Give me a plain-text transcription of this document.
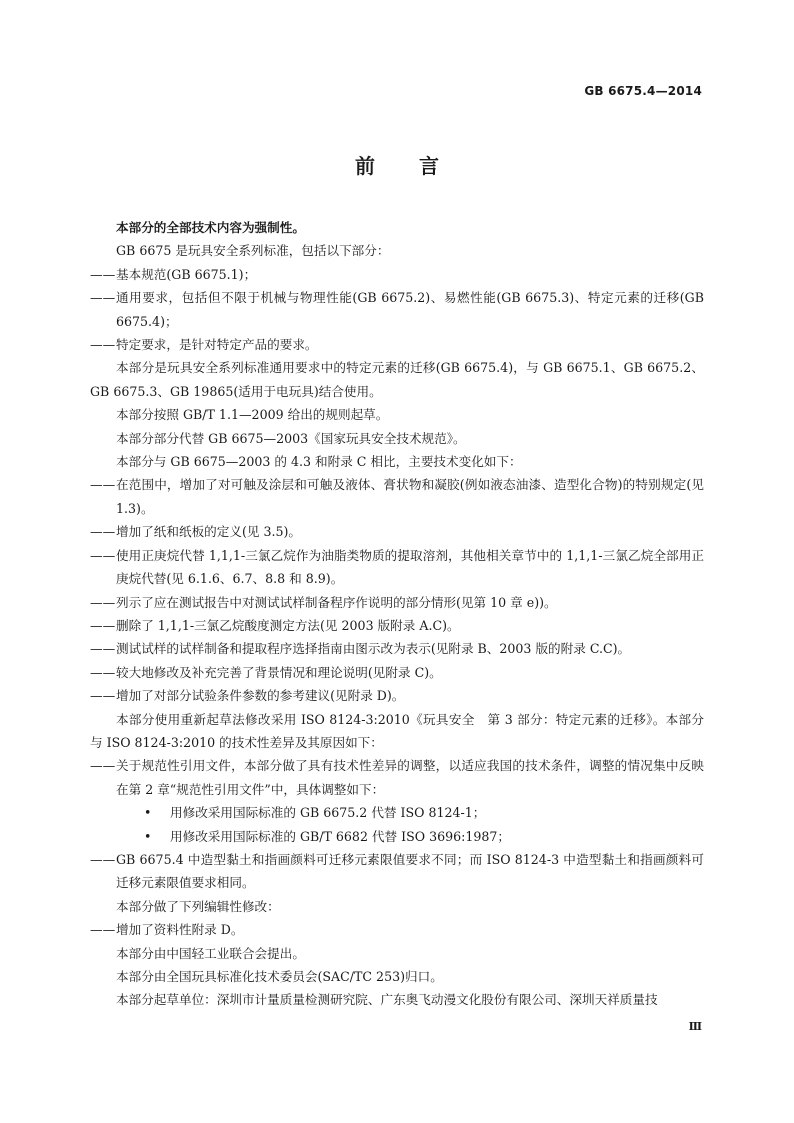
GB 6675.4—2014
前 言
本部分的全部技术内容为强制性。
GB 6675 是玩具安全系列标准，包括以下部分：
—— 基本规范(GB 6675.1)；
—— 通用要求，包括但不限于机械与物理性能(GB 6675.2)、易燃性能(GB 6675.3)、特定元素的迁移(GB 6675.4)；
—— 特定要求，是针对特定产品的要求。
本部分是玩具安全系列标准通用要求中的特定元素的迁移(GB 6675.4)，与 GB 6675.1、GB 6675.2、GB 6675.3、GB 19865(适用于电玩具)结合使用。
本部分按照 GB/T 1.1—2009 给出的规则起草。
本部分部分代替 GB 6675—2003《国家玩具安全技术规范》。
本部分与 GB 6675—2003 的 4.3 和附录 C 相比，主要技术变化如下：
—— 在范围中，增加了对可触及涂层和可触及液体、膏状物和凝胶(例如液态油漆、造型化合物)的特别规定(见 1.3)。
—— 增加了纸和纸板的定义(见 3.5)。
—— 使用正庚烷代替 1,1,1-三氯乙烷作为油脂类物质的提取溶剂，其他相关章节中的 1,1,1-三氯乙烷全部用正庚烷代替(见 6.1.6、6.7、8.8 和 8.9)。
—— 列示了应在测试报告中对测试试样制备程序作说明的部分情形(见第 10 章 e))。
—— 删除了 1,1,1-三氯乙烷酸度测定方法(见 2003 版附录 A.C)。
—— 测试试样的试样制备和提取程序选择指南由图示改为表示(见附录 B、2003 版的附录 C.C)。
—— 较大地修改及补充完善了背景情况和理论说明(见附录 C)。
—— 增加了对部分试验条件参数的参考建议(见附录 D)。
本部分使用重新起草法修改采用 ISO 8124-3:2010《玩具安全　第 3 部分：特定元素的迁移》。本部分与 ISO 8124-3:2010 的技术性差异及其原因如下：
—— 关于规范性引用文件，本部分做了具有技术性差异的调整，以适应我国的技术条件，调整的情况集中反映在第 2 章“规范性引用文件”中，具体调整如下：
•	用修改采用国际标准的 GB 6675.2 代替 ISO 8124-1；
•	用修改采用国际标准的 GB/T 6682 代替 ISO 3696:1987；
—— GB 6675.4 中造型黏土和指画颜料可迁移元素限值要求不同；而 ISO 8124-3 中造型黏土和指画颜料可迁移元素限值要求相同。
本部分做了下列编辑性修改：
—— 增加了资料性附录 D。
本部分由中国轻工业联合会提出。
本部分由全国玩具标准化技术委员会(SAC/TC 253)归口。
本部分起草单位：深圳市计量质量检测研究院、广东奥飞动漫文化股份有限公司、深圳天祥质量技
Ⅲ
